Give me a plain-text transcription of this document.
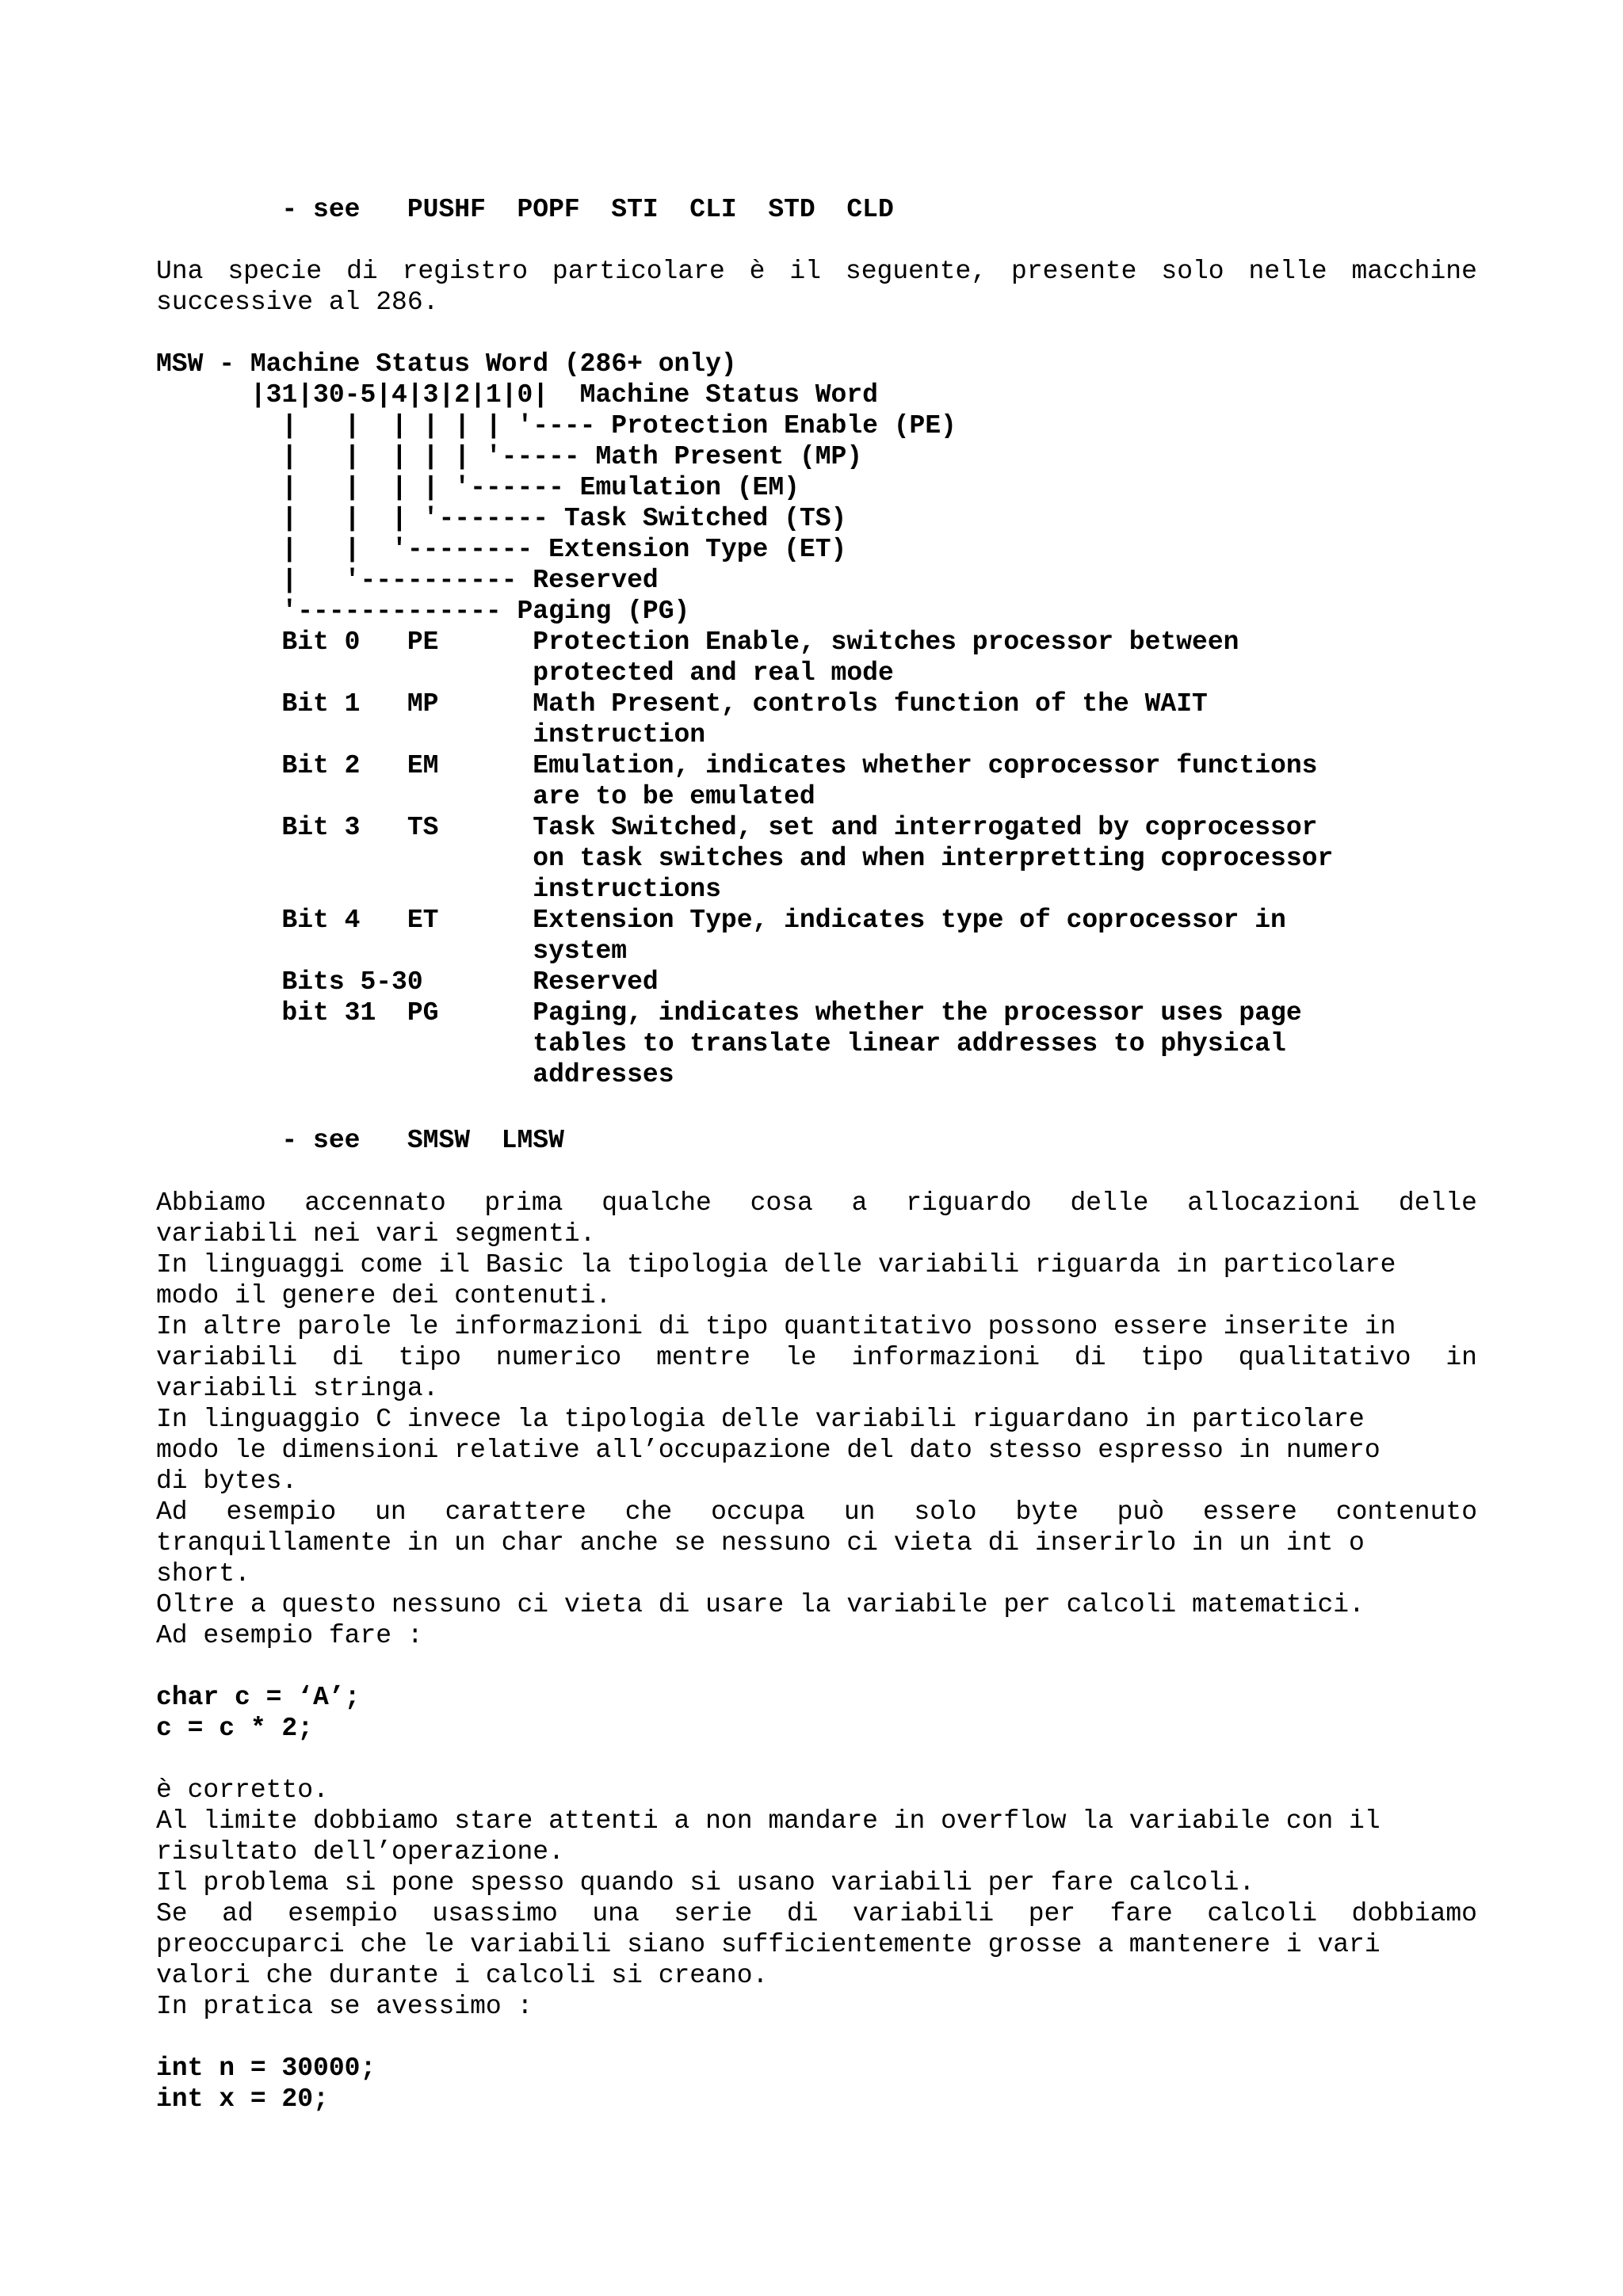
- see   PUSHF  POPF  STI  CLI  STD  CLD
Una specie di registro particolare è il seguente, presente solo nelle macchine
successive al 286.
MSW - Machine Status Word (286+ only)
|31|30-5|4|3|2|1|0|  Machine Status Word
|   |  | | | | '---- Protection Enable (PE)
|   |  | | | '----- Math Present (MP)
|   |  | | '------ Emulation (EM)
|   |  | '------- Task Switched (TS)
|   |  '-------- Extension Type (ET)
|   '---------- Reserved
'------------- Paging (PG)
Bit 0   PE      Protection Enable, switches processor between
protected and real mode
Bit 1   MP      Math Present, controls function of the WAIT
instruction
Bit 2   EM      Emulation, indicates whether coprocessor functions
are to be emulated
Bit 3   TS      Task Switched, set and interrogated by coprocessor
on task switches and when interpretting coprocessor
instructions
Bit 4   ET      Extension Type, indicates type of coprocessor in
system
Bits 5-30       Reserved
bit 31  PG      Paging, indicates whether the processor uses page
tables to translate linear addresses to physical
addresses
- see   SMSW  LMSW
Abbiamo accennato prima qualche cosa a riguardo delle allocazioni delle
variabili nei vari segmenti.
In linguaggi come il Basic la tipologia delle variabili riguarda in particolare
modo il genere dei contenuti.
In altre parole le informazioni di tipo quantitativo possono essere inserite in
variabili di tipo numerico mentre le informazioni di tipo qualitativo in
variabili stringa.
In linguaggio C invece la tipologia delle variabili riguardano in particolare
modo le dimensioni relative all’occupazione del dato stesso espresso in numero
di bytes.
Ad esempio un carattere che occupa un solo byte può essere contenuto
tranquillamente in un char anche se nessuno ci vieta di inserirlo in un int o
short.
Oltre a questo nessuno ci vieta di usare la variabile per calcoli matematici.
Ad esempio fare :
char c = ‘A’;
c = c * 2;
è corretto.
Al limite dobbiamo stare attenti a non mandare in overflow la variabile con il
risultato dell’operazione.
Il problema si pone spesso quando si usano variabili per fare calcoli.
Se ad esempio usassimo una serie di variabili per fare calcoli dobbiamo
preoccuparci che le variabili siano sufficientemente grosse a mantenere i vari
valori che durante i calcoli si creano.
In pratica se avessimo :
int n = 30000;
int x = 20;
